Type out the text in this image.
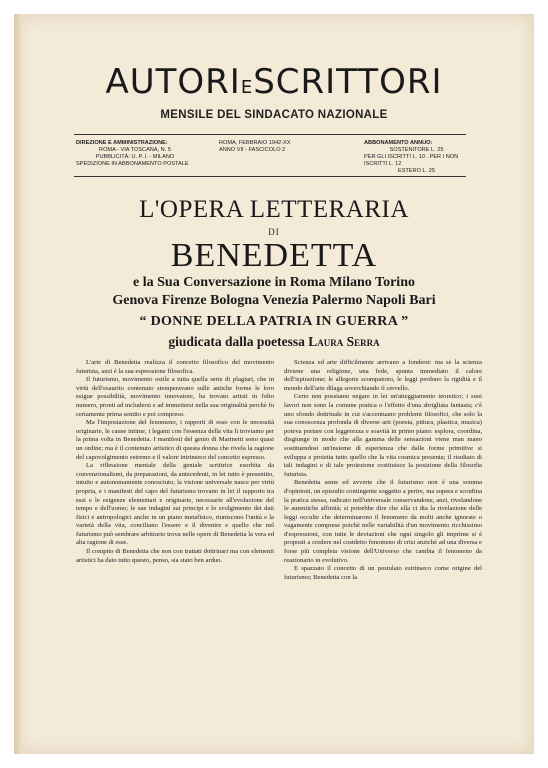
AUTORIESCRITTORI
MENSILE DEL SINDACATO NAZIONALE
DIREZIONE E AMMINISTRAZIONE:
ROMA - VIA TOSCANA, N. 5
PUBBLICITÀ: U. P. I. - MILANO
SPEDIZIONE IN ABBONAMENTO POSTALE
ROMA, FEBBRAIO 1942-XX
ANNO VII - FASCICOLO 2
ABBONAMENTO ANNUO:
SOSTENITORE L. 25
PER GLI ISCRITTI L. 10 . PER I NON ISCRITTI L. 12
ESTERO L. 25
L'OPERA LETTERARIA
DI
BENEDETTA
e la Sua Conversazione in Roma Milano Torino
Genova Firenze Bologna Venezia Palermo Napoli Bari
“ DONNE DELLA PATRIA IN GUERRA ”
giudicata dalla poetessa Laura Serra

L'arte di Benedetta realizza il concetto filosofico del movimento futurista, anzi è la sua espressione filosofica.

Il futurismo, movimento ostile a tutta quella serie di plagiari, che in virtù dell'esaurito contenuto stemperavano sulle antiche forme le loro esigue possibilità, movimento innovatore, ha trovato artisti in folto numero, pronti ad includersi e ad immettersi nella sua originalità perchè fu certamente prima sentito e poi compreso.

Ma l'impostazione del fenomeno, i rapporti di esso con le necessità originarie, le cause intime, i legami con l'essenza della vita li troviamo per la prima volta in Benedetta. I manifesti del genio di Marinetti sono quasi un ordine; ma è il contenuto artistico di questa donna che rivela la ragione del capovolgimento estremo e il valore intrinseco del concetto espresso.

La riflessione mentale della geniale scrittrice esorbita da convenzionalismi, da preparazioni, da antecedenti, in lei tutto è presentito, intuito e autonomamente conosciuto; la visione universale nasce per virtù propria, e i manifesti del capo del futurismo trovano in lei il rapporto tra essi e le esigenze elementari e originarie, necessarie all'evoluzione del tempo e dell'uomo; le sue indagini sui principi e lo svolgimento dei dati fisici e antropologici anche in un piano metafisico, riuniscono l'unità e la varietà della vita, conciliano l'essere e il divenire e quello che nel futurismo può sembrare arbitrario trova nelle opere di Benedetta la vera ed alta ragione di esse.

Il compito di Benedetta che non con trattati dottrinari ma con elementi artistici ha dato tutto questo, penso, sia stato ben arduo.

Scienza ed arte difficilmente arrivano a fondersi: ma se la scienza diviene una religione, una fede, spunta immediato il calore dell'ispirazione; le allegorie scompaiono, le leggi perdono la rigidità e il mondo dell'arte dilaga soverchiando il cervello.

Certo non possiamo negare in lei un'atteggiamento teoretico; i suoi lavori non sono la comune pratica o l'effetto d'una sbrigliata fantasia; c'è uno sfondo dottrinale in cui s'accentuano problemi filosofici, che solo la sua conoscenza profonda di diverse arti (poesia, pittura, plastica, musica) poteva portare con leggerezza e soavità in primo piano: esplora, coordina, disgiunge in modo che alla gamma delle sensazioni viene man mano sostituendosi un'insieme di esperienza che dalle forme primitive si sviluppa e proietta tutto quello che la vita cosmica presenta; il risultato di tali indagini e di tale proiezione costituisce la posizione della filosofia futurista.

Benedetta sente ed avverte che il futurismo non è una somma d'opinioni, un episodio contingente soggetto a perire, ma supera e sconfina la pratica stessa, radicato nell'universale conservandone, anzi, rivelandone le autentiche affinità; si potrebbe dire che ella ci dia la rivelazione delle leggi occulte che determinarono il fenomeno da molti anche ignorate o vagamente comprese poichè nelle variabilità d'un movimento ricchissimo d'espressioni, con tutte le deviazioni che ogni singolo gli imprime si è proposti a credere nel costdetto fenomeno di crisi anzichè ad una diversa e forse più completa visione dell'Universo che cambia il fenomeno da reazionario in evolutivo.

E spazzato il concetto di un postulato estrinseco come origine del futurismo; Benedetta con la
